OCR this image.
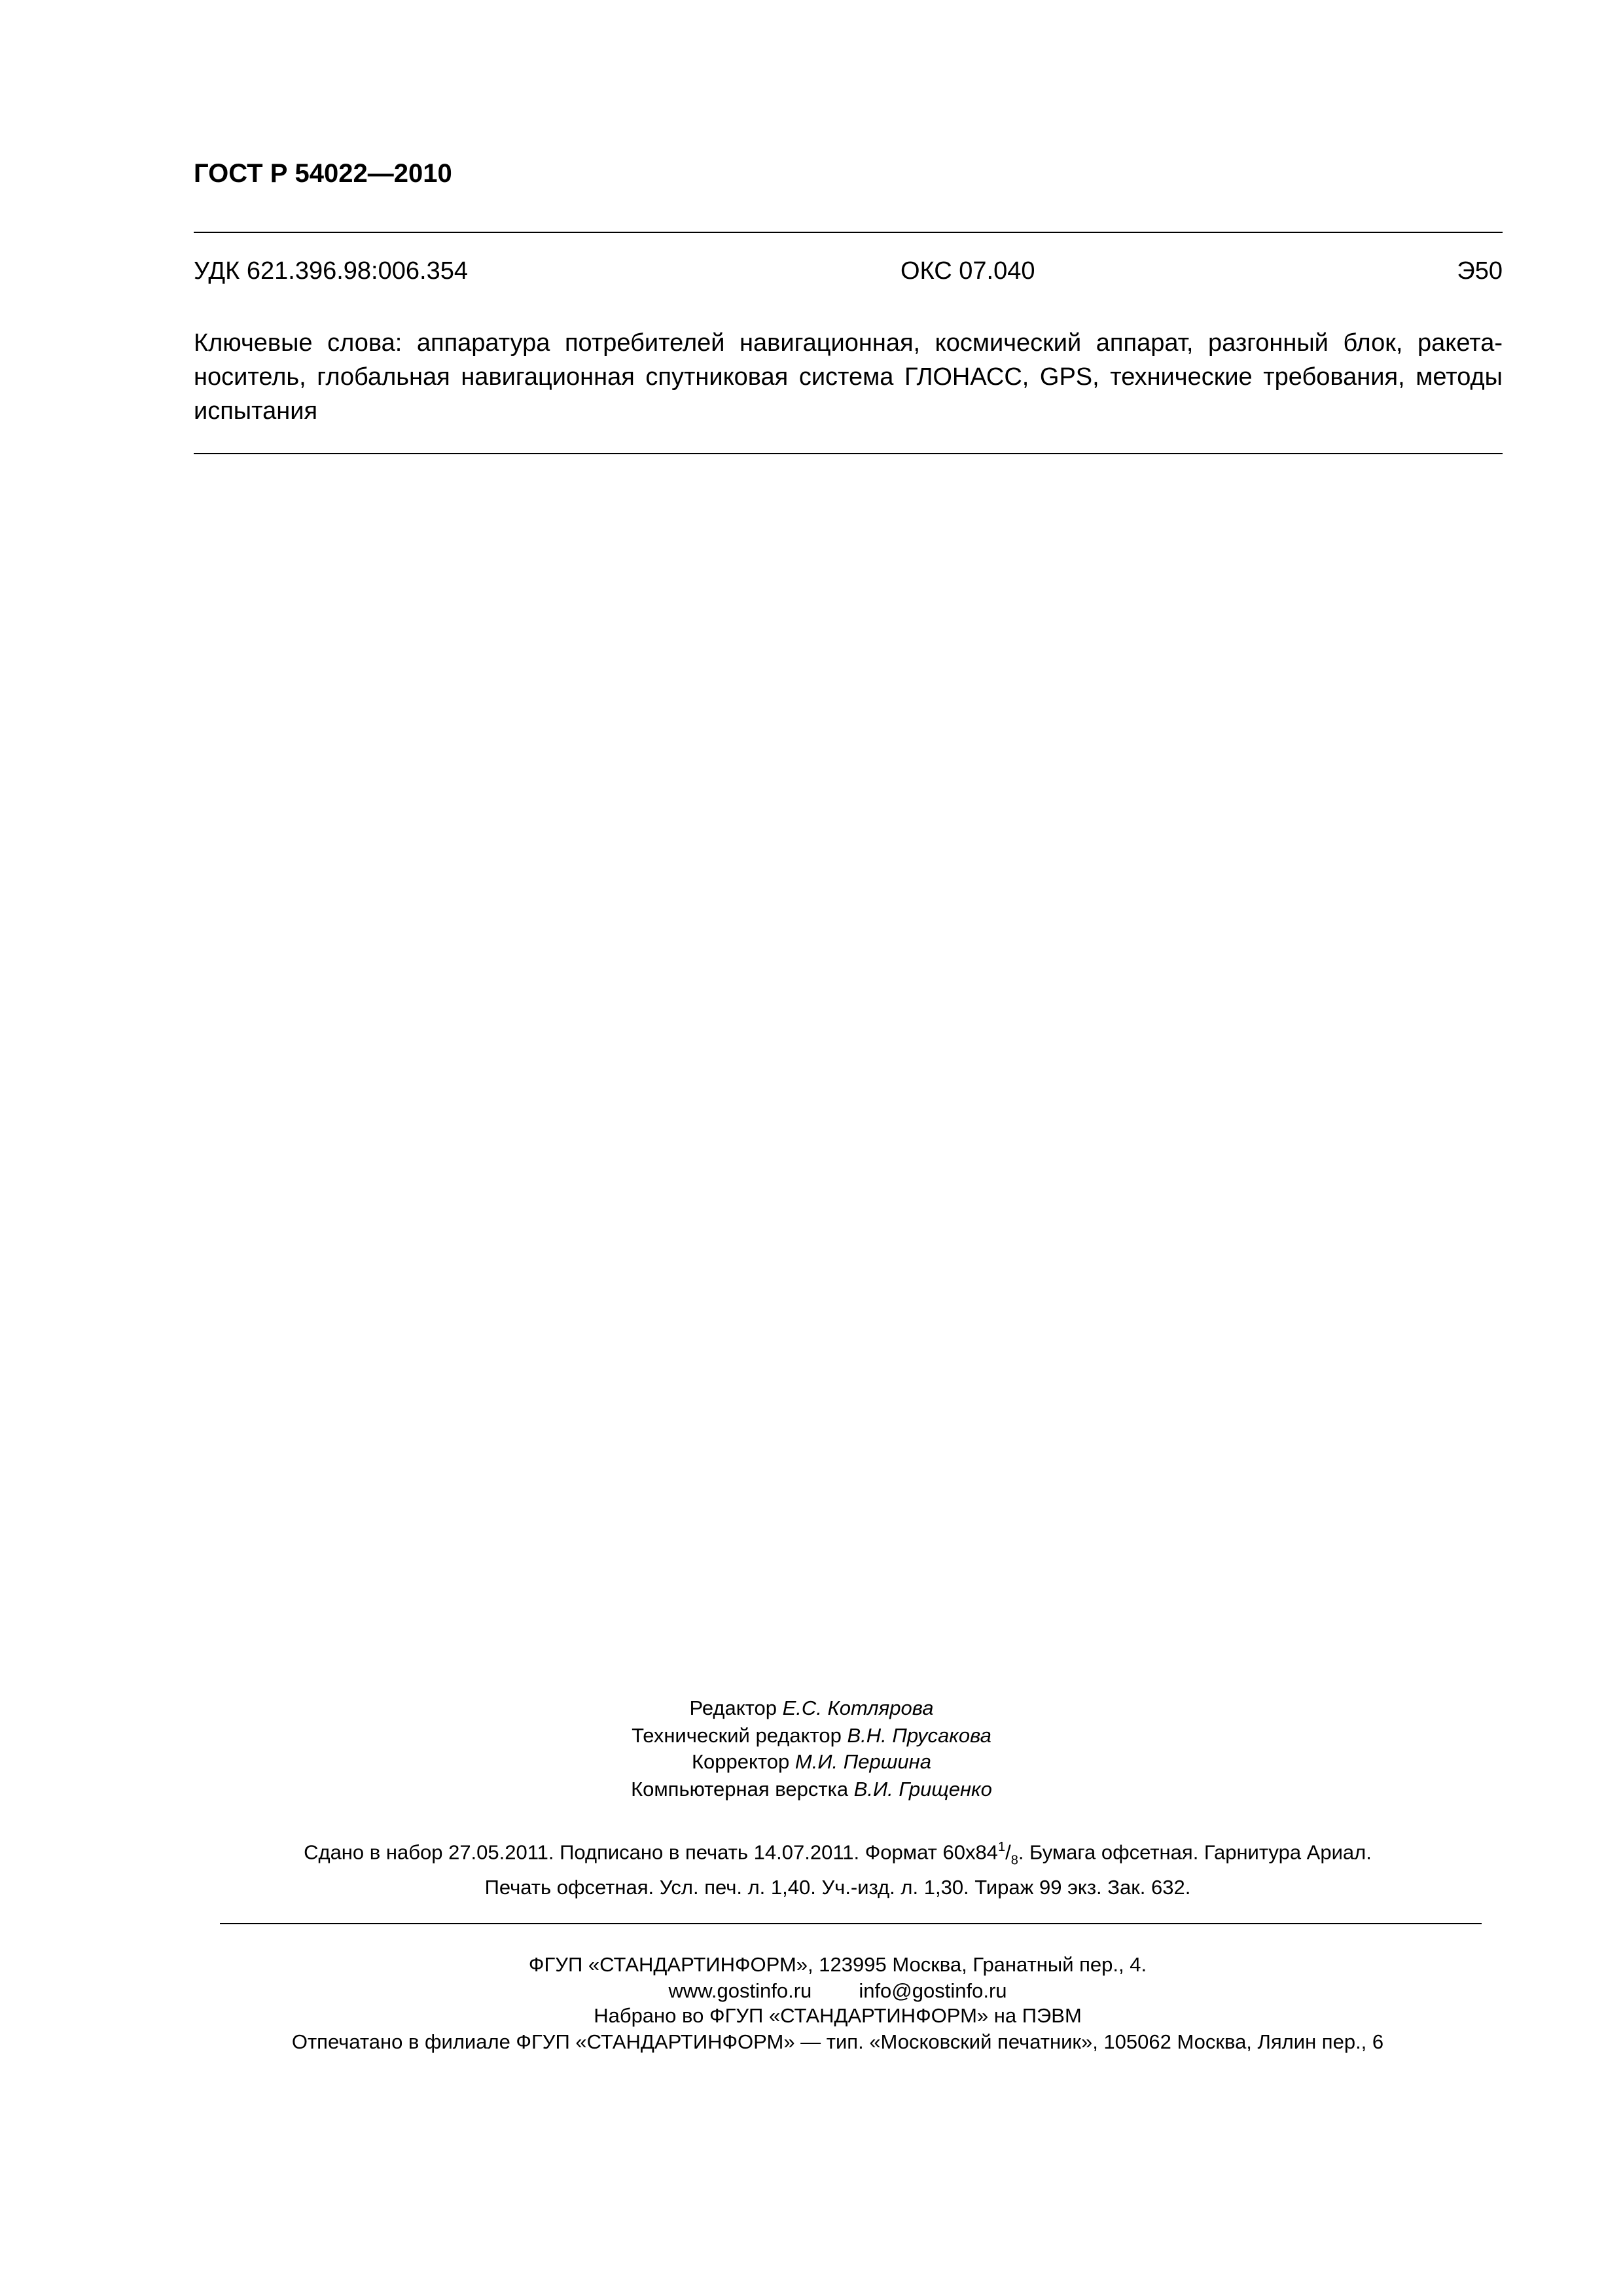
ГОСТ Р 54022—2010
УДК 621.396.98:006.354	ОКС 07.040	Э50
Ключевые слова: аппаратура потребителей навигационная, космический аппарат, разгонный блок, ракета-носитель, глобальная навигационная спутниковая система ГЛОНАСС, GPS, технические требования, методы испытания
Редактор Е.С. Котлярова
Технический редактор В.Н. Прусакова
Корректор М.И. Першина
Компьютерная верстка В.И. Грищенко
Сдано в набор 27.05.2011. Подписано в печать 14.07.2011. Формат $60x84^1/_8$. Бумага офсетная. Гарнитура Ариал.
Печать офсетная. Усл. печ. л. 1,40. Уч.-изд. л. 1,30. Тираж 99 экз. Зак. 632.
ФГУП «СТАНДАРТИНФОРМ», 123995 Москва, Гранатный пер., 4.
www.gostinfo.ru	info@gostinfo.ru
Набрано во ФГУП «СТАНДАРТИНФОРМ» на ПЭВМ
Отпечатано в филиале ФГУП «СТАНДАРТИНФОРМ» — тип. «Московский печатник», 105062 Москва, Лялин пер., 6
